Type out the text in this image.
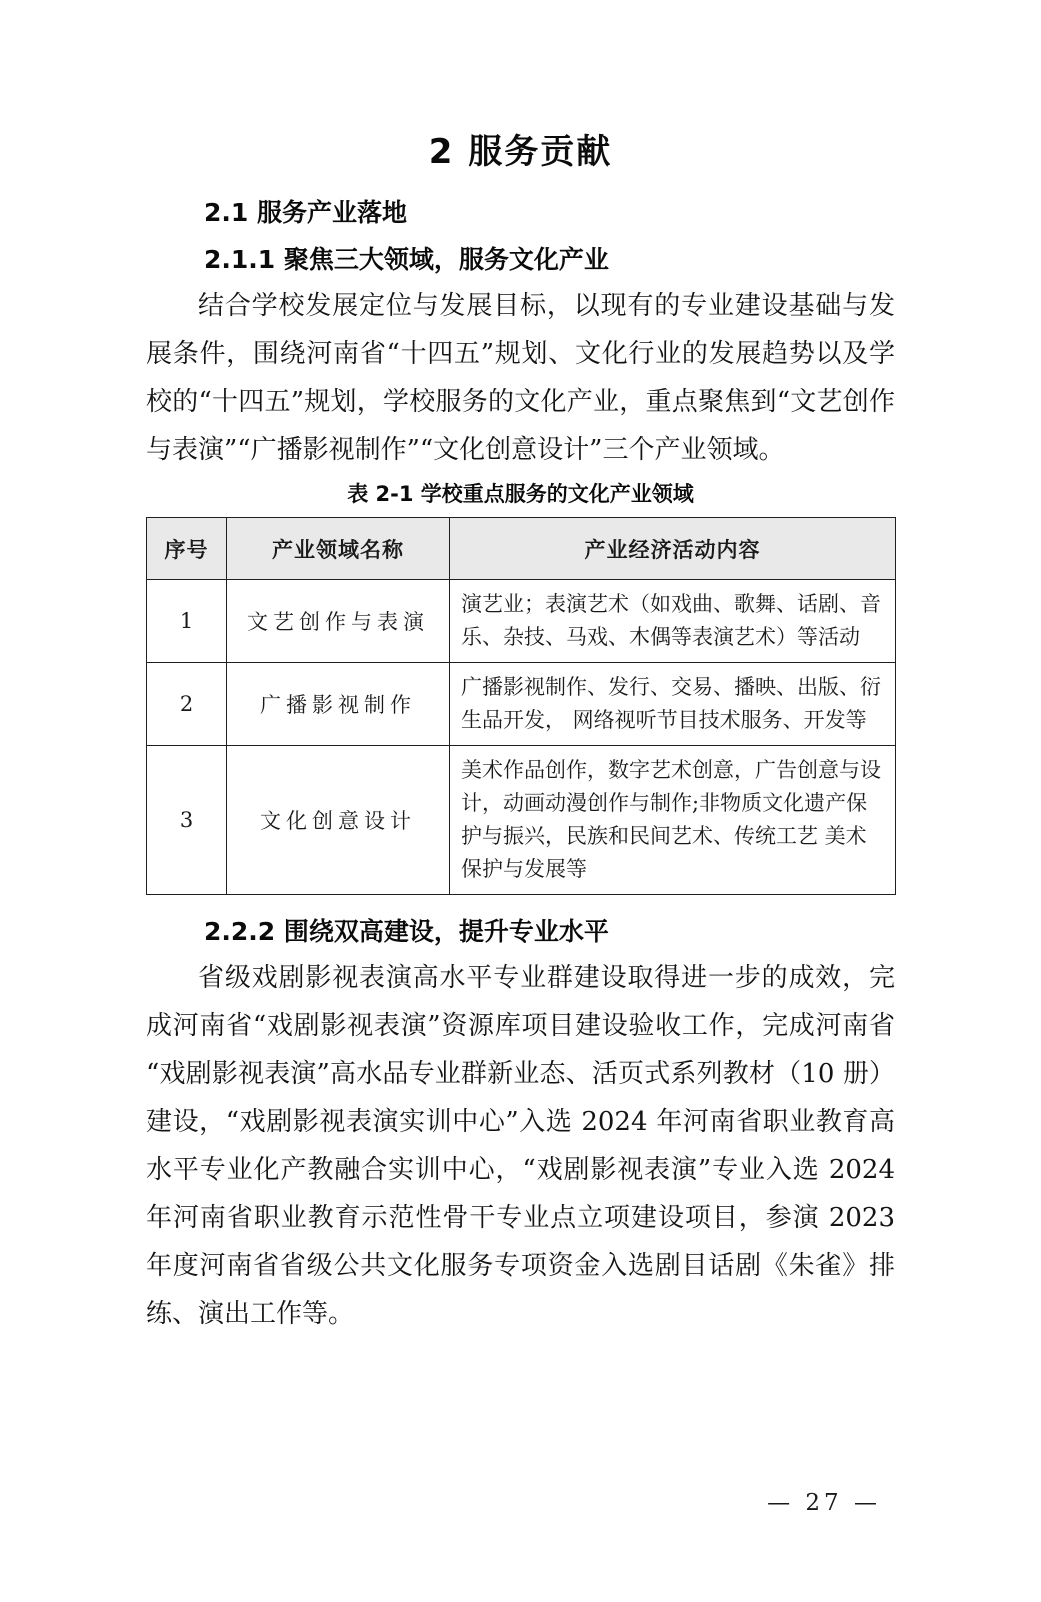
2 服务贡献
2.1 服务产业落地
2.1.1 聚焦三大领域，服务文化产业

结合学校发展定位与发展目标，以现有的专业建设基础与发展条件，围绕河南省“十四五”规划、文化行业的发展趋势以及学校的“十四五”规划，学校服务的文化产业，重点聚焦到“文艺创作与表演”“广播影视制作”“文化创意设计”三个产业领域。

表 2-1 学校重点服务的文化产业领域
序号	产业领域名称	产业经济活动内容
1	文艺创作与表演	演艺业；表演艺术（如戏曲、歌舞、话剧、音乐、杂技、马戏、木偶等表演艺术）等活动
2	广播影视制作	广播影视制作、发行、交易、播映、出版、衍生品开发， 网络视听节目技术服务、开发等
3	文化创意设计	美术作品创作，数字艺术创意，广告创意与设计，动画动漫创作与制作;非物质文化遗产保护与振兴，民族和民间艺术、传统工艺 美术保护与发展等
2.2.2 围绕双高建设，提升专业水平

省级戏剧影视表演高水平专业群建设取得进一步的成效，完成河南省“戏剧影视表演”资源库项目建设验收工作，完成河南省“戏剧影视表演”高水品专业群新业态、活页式系列教材（10 册）建设，“戏剧影视表演实训中心”入选 2024 年河南省职业教育高水平专业化产教融合实训中心，“戏剧影视表演”专业入选 2024 年河南省职业教育示范性骨干专业点立项建设项目，参演 2023 年度河南省省级公共文化服务专项资金入选剧目话剧《朱雀》排练、演出工作等。

— 27 —
